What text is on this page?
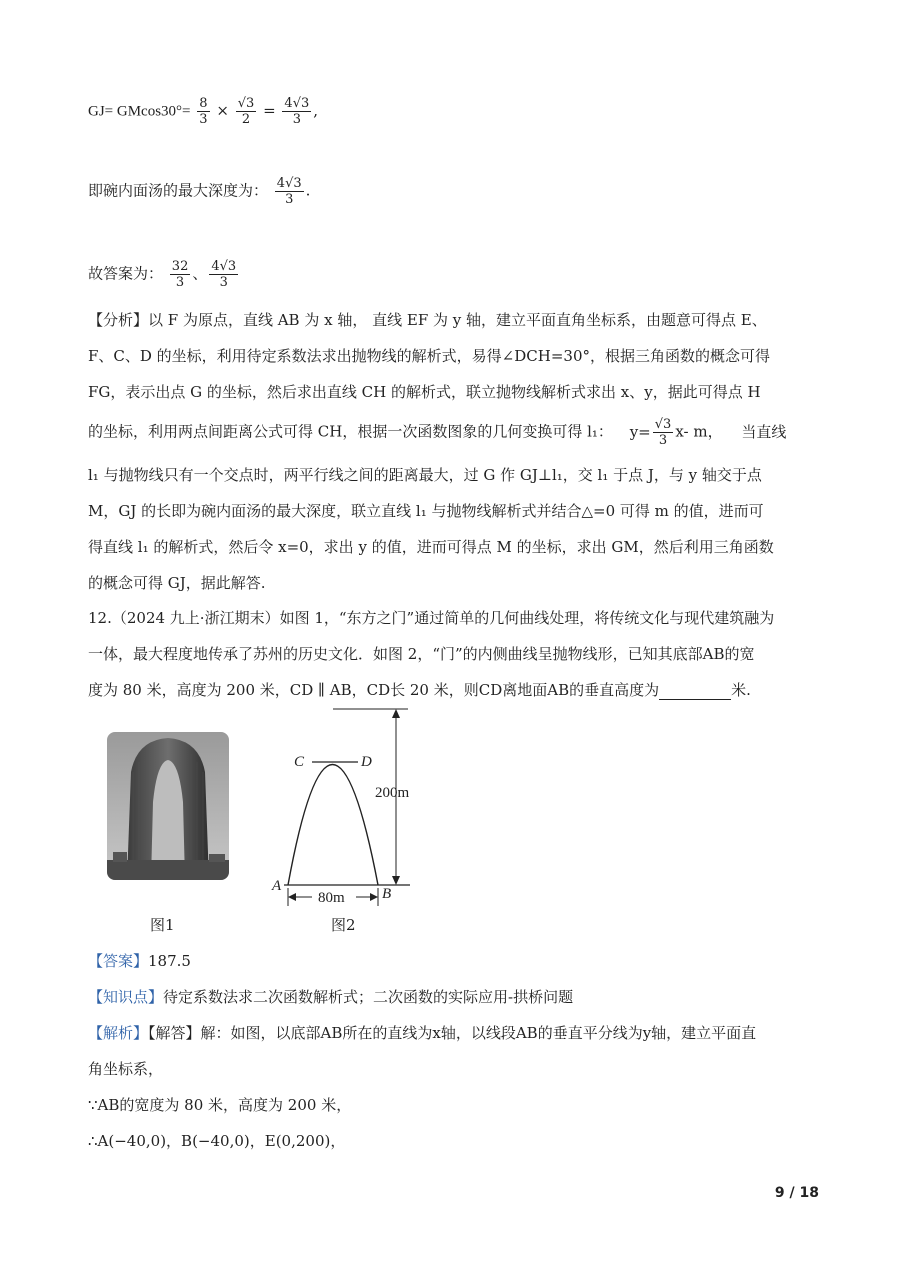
$GJ= GMcos30^\circ= \frac{8}{3} \times \frac{√3}{2} = \frac{4√3}{3}$ ,
即碗内面汤的最大深度为： $\frac{4√3}{3}$ .
故答案为： $\frac{32}{3}$ 、 $\frac{4√3}{3}$
【分析】以 F 为原点，直线 AB 为 x 轴， 直线 EF 为 y 轴，建立平面直角坐标系，由题意可得点 E、
F、C、D 的坐标，利用待定系数法求出抛物线的解析式，易得∠DCH=30°，根据三角函数的概念可得
FG，表示出点 G 的坐标，然后求出直线 CH 的解析式，联立抛物线解析式求出 x、y，据此可得点 H
的坐标，利用两点间距离公式可得 CH，根据一次函数图象的几何变换可得 l₁： $y= \frac{√3}{3} x-$ m， 当直线
l₁ 与抛物线只有一个交点时，两平行线之间的距离最大，过 G 作 GJ⊥l₁，交 l₁ 于点 J，与 y 轴交于点
M，GJ 的长即为碗内面汤的最大深度，联立直线 l₁ 与抛物线解析式并结合△=0 可得 m 的值，进而可
得直线 l₁ 的解析式，然后令 x=0，求出 y 的值，进而可得点 M 的坐标，求出 GM，然后利用三角函数
的概念可得 GJ，据此解答.
12.（2024 九上·浙江期末）如图 1，“东方之门”通过简单的几何曲线处理，将传统文化与现代建筑融为
一体，最大程度地传承了苏州的历史文化．如图 2，“门”的内侧曲线呈抛物线形，已知其底部AB的宽
度为 80 米，高度为 200 米，CD ∥ AB，CD长 20 米，则CD离地面AB的垂直高度为	米.
图1
C	D
A	B
200m
80m
图2
【答案】187.5
【知识点】待定系数法求二次函数解析式；二次函数的实际应用-拱桥问题
【解析】【解答】解：如图，以底部AB所在的直线为x轴，以线段AB的垂直平分线为y轴，建立平面直
角坐标系，
∵AB的宽度为 80 米，高度为 200 米，
∴A(−40,0)，B(−40,0)，E(0,200)，
9 / 18
